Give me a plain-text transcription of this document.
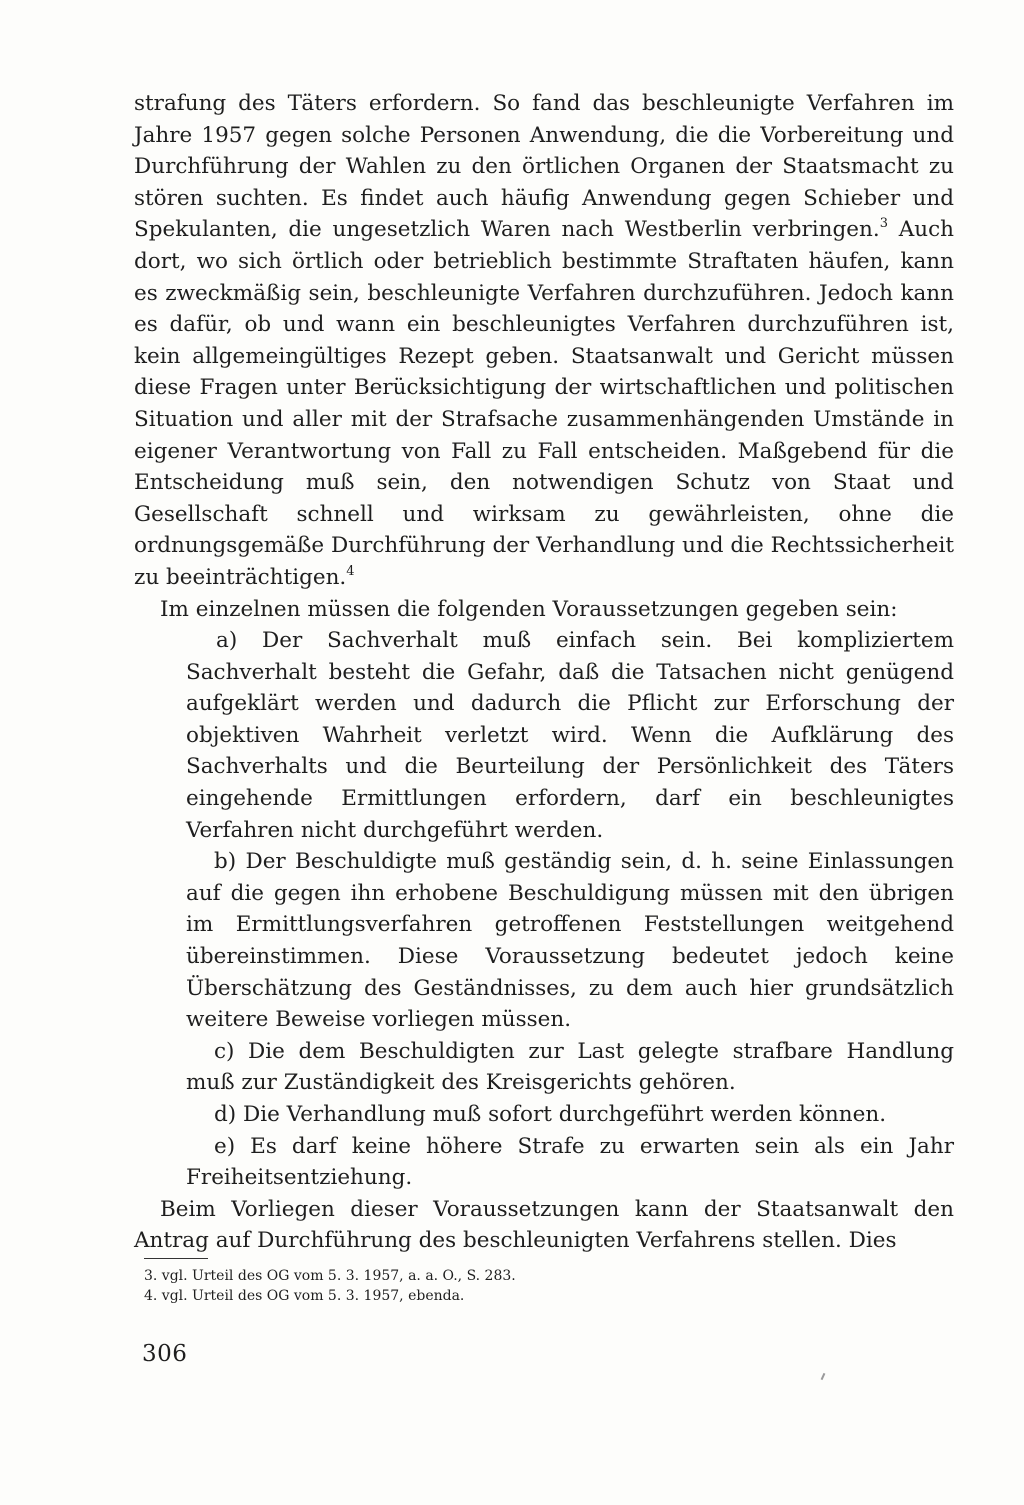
strafung des Täters erfordern. So fand das beschleunigte Verfahren im Jahre 1957 gegen solche Personen Anwendung, die die Vorbereitung und Durchführung der Wahlen zu den örtlichen Organen der Staatsmacht zu stören suchten. Es findet auch häufig Anwendung gegen Schieber und Spekulanten, die ungesetzlich Waren nach Westberlin verbringen.$^3$ Auch dort, wo sich örtlich oder betrieblich bestimmte Straftaten häufen, kann es zweckmäßig sein, beschleunigte Verfahren durchzuführen. Jedoch kann es dafür, ob und wann ein beschleunigtes Verfahren durchzuführen ist, kein allgemeingültiges Rezept geben. Staatsanwalt und Gericht müssen diese Fragen unter Berücksichtigung der wirtschaftlichen und politischen Situation und aller mit der Strafsache zusammenhängenden Umstände in eigener Verantwortung von Fall zu Fall entscheiden. Maßgebend für die Entscheidung muß sein, den notwendigen Schutz von Staat und Gesellschaft schnell und wirksam zu gewährleisten, ohne die ordnungsgemäße Durchführung der Verhandlung und die Rechtssicherheit zu beeinträchtigen.$^4$

Im einzelnen müssen die folgenden Voraussetzungen gegeben sein:

a) Der Sachverhalt muß einfach sein. Bei kompliziertem Sachverhalt besteht die Gefahr, daß die Tatsachen nicht genügend aufgeklärt werden und dadurch die Pflicht zur Erforschung der objektiven Wahrheit verletzt wird. Wenn die Aufklärung des Sachverhalts und die Beurteilung der Persönlichkeit des Täters eingehende Ermittlungen erfordern, darf ein beschleunigtes Verfahren nicht durchgeführt werden.

b) Der Beschuldigte muß geständig sein, d. h. seine Einlassungen auf die gegen ihn erhobene Beschuldigung müssen mit den übrigen im Ermittlungsverfahren getroffenen Feststellungen weitgehend übereinstimmen. Diese Voraussetzung bedeutet jedoch keine Überschätzung des Geständnisses, zu dem auch hier grundsätzlich weitere Beweise vorliegen müssen.

c) Die dem Beschuldigten zur Last gelegte strafbare Handlung muß zur Zuständigkeit des Kreisgerichts gehören.

d) Die Verhandlung muß sofort durchgeführt werden können.

e) Es darf keine höhere Strafe zu erwarten sein als ein Jahr Freiheitsentziehung.

Beim Vorliegen dieser Voraussetzungen kann der Staatsanwalt den Antrag auf Durchführung des beschleunigten Verfahrens stellen. Dies

3. vgl. Urteil des OG vom 5. 3. 1957, a. a. O., S. 283.
4. vgl. Urteil des OG vom 5. 3. 1957, ebenda.
306
